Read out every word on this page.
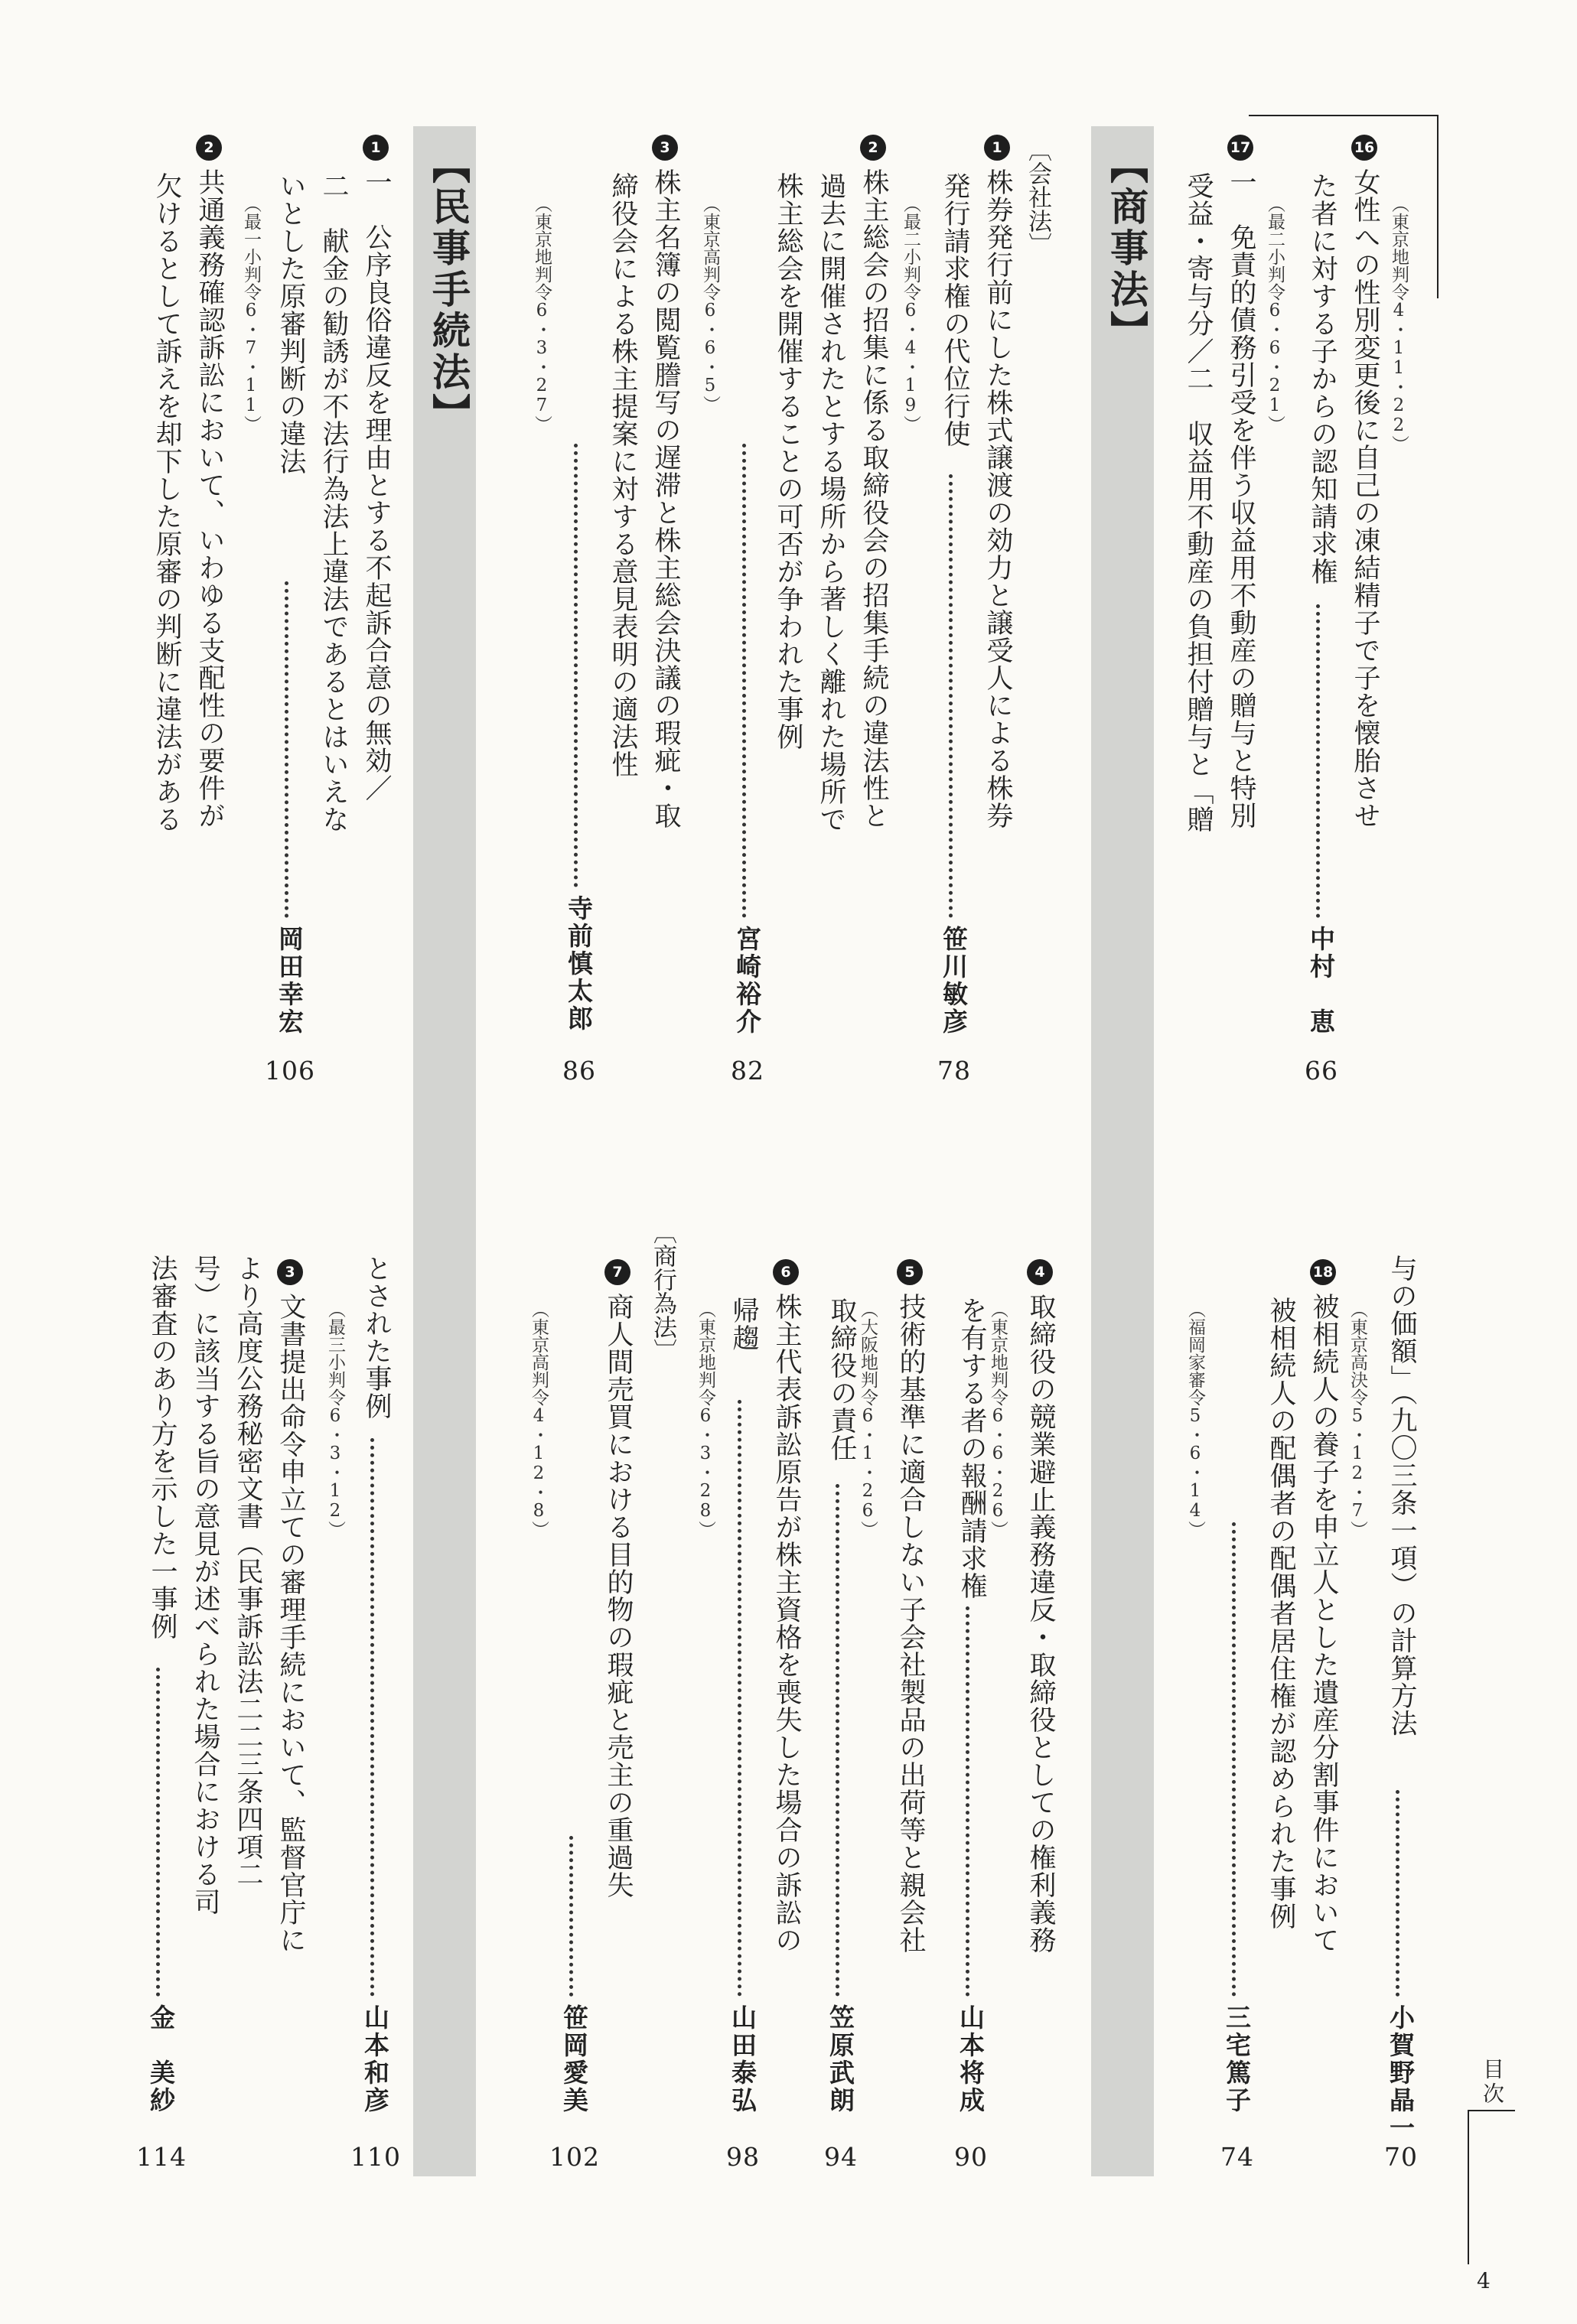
【商事法】
【民事手続法】	〔会社法〕
〔商行為法〕
16
女性への性別変更後に自己の凍結精子で子を懐胎させ （東京地判令4・11・22）
た者に対する子からの認知請求権
中村　恵
66
17
（最二小判令6・6・21）
一　免責的債務引受を伴う収益用不動産の贈与と特別
受益・寄与分／二　収益用不動産の負担付贈与と「贈
1
株券発行前にした株式譲渡の効力と譲受人による株券
（最二小判令6・4・19） 発行請求権の代位行使
笹川敏彦
78
2
株主総会の招集に係る取締役会の招集手続の違法性と
過去に開催されたとする場所から著しく離れた場所で
株主総会を開催することの可否が争われた事例
（東京高判令6・6・5）
宮崎裕介
82
3
株主名簿の閲覧謄写の遅滞と株主総会決議の瑕疵・取
締役会による株主提案に対する意見表明の適法性
（東京地判令6・3・27）
寺前慎太郎
86
1
一　公序良俗違反を理由とする不起訴合意の無効／
二　献金の勧誘が不法行為法上違法であるとはいえな
いとした原審判断の違法
（最一小判令6・7・11）
岡田幸宏
106
2
共通義務確認訴訟において、いわゆる支配性の要件が
欠けるとして訴えを却下した原審の判断に違法がある
与の価額」（九〇三条一項）の計算方法
小賀野晶一
70
18
被相続人の養子を申立人とした遺産分割事件において （東京高決令5・12・7）
被相続人の配偶者の配偶者居住権が認められた事例
（福岡家審令5・6・14）
三宅篤子
74
4
取締役の競業避止義務違反・取締役としての権利義務
（東京地判令6・6・26）
を有する者の報酬請求権
山本将成
90
5
技術的基準に適合しない子会社製品の出荷等と親会社
（大阪地判令6・1・26）
取締役の責任
笠原武朗
94
6
株主代表訴訟原告が株主資格を喪失した場合の訴訟の
（東京地判令6・3・28） 帰趨
山田泰弘
98
7
商人間売買における目的物の瑕疵と売主の重過失
（東京高判令4・12・8）
笹岡愛美
102
とされた事例
山本和彦
110
（最三小判令6・3・12）
3
文書提出命令申立ての審理手続において、監督官庁に
より高度公務秘密文書（民事訴訟法二二三条四項二
号）に該当する旨の意見が述べられた場合における司
法審査のあり方を示した一事例
金　美紗
114
目次
4
